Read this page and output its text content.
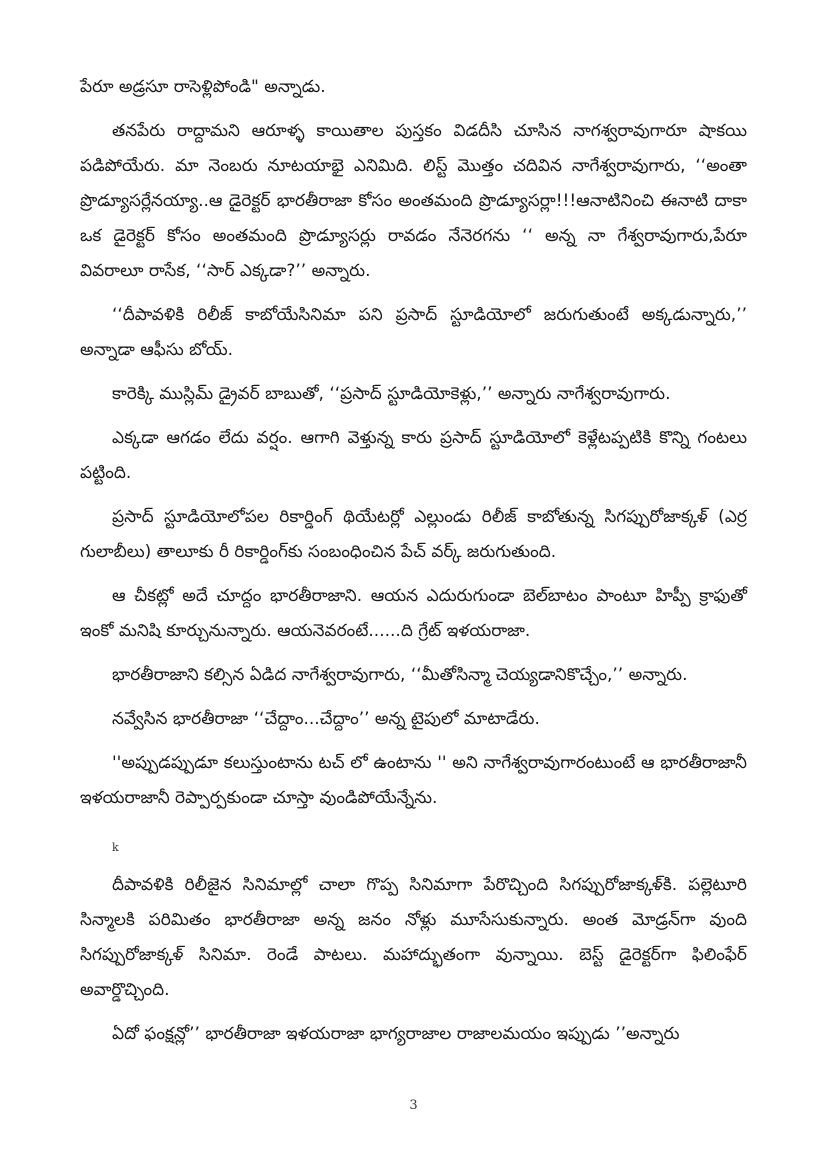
పేరూ అడ్రసూ రాసెళ్లిపోండి" అన్నాడు.

తనపేరు రాద్దామని ఆరూళ్ళ కాయితాల పుస్తకం విడదీసి చూసిన నాగశ్వరావుగారూ షాకయి పడిపోయేరు. మా నెంబరు నూటయాభై ఎనిమిది. లిస్ట్ మొత్తం చదివిన నాగేశ్వరావుగారు, ‘‘అంతా ప్రొడ్యూసర్లేనయ్యా..ఆ డైరెక్టర్ భారతీరాజా కోసం అంతమంది ప్రొడ్యూసర్లా!!!ఆనాటినించి ఈనాటి దాకా ఒక డైరెక్టర్ కోసం అంతమంది ప్రొడ్యూసర్లు రావడం నేనెరగను ‘‘ అన్న నా గేశ్వరావుగారు,పేరూ వివరాలూ రాసేక, ‘‘సార్ ఎక్కడా?’’ అన్నారు.

‘‘దీపావళికి రిలీజ్ కాబోయేసినిమా పని ప్రసాద్ స్టూడియోలో జరుగుతుంటే అక్కడున్నారు,’’ అన్నాడా ఆఫీసు బోయ్.

కారెక్కి ముస్లిమ్ డ్రైవర్ బాబుతో, ‘‘ప్రసాద్ స్టూడియోకెళ్లు,’’ అన్నారు నాగేశ్వరావుగారు.

ఎక్కడా ఆగడం లేదు వర్షం. ఆగాగి వెళ్తున్న కారు ప్రసాద్ స్టూడియోలో కెళ్లేటప్పటికి కొన్ని గంటలు పట్టింది.

ప్రసాద్ స్టూడియోలోపల రికార్డింగ్ థియేటర్లో ఎల్లుండు రిలీజ్ కాబోతున్న సిగప్పురోజాక్కళ్ (ఎర్ర గులాబీలు) తాలూకు రీ రికార్డింగ్‌కు సంబంధించిన పేచ్ వర్క్ జరుగుతుంది.

ఆ చీకట్లో అదే చూద్దం భారతీరాజాని. ఆయన ఎదురుగుండా బెల్‌బాటం పాంటూ హిప్పీ క్రాఫుతో ఇంకో మనిషి కూర్చునున్నారు. ఆయనెవరంటే......ది గ్రేట్ ఇళయరాజా.

భారతీరాజాని కల్సిన ఏడిద నాగేశ్వరావుగారు, ‘‘మీతోసిన్మా చెయ్యడానికొచ్చేం,’’ అన్నారు.

నవ్వేసిన భారతీరాజా ‘‘చేద్దాం...చేద్దాం’’ అన్న టైపులో మాటాడేరు.

''అప్పుడప్పుడూ కలుస్తుంటాను టచ్ లో ఉంటాను '' అని నాగేశ్వరావుగారంటుంటే ఆ భారతీరాజానీ ఇళయరాజానీ రెప్పార్పకుండా చూస్తా వుండిపోయేన్నేను.

k

దీపావళికి రిలీజైన సినిమాల్లో చాలా గొప్ప సినిమాగా పేరొచ్చింది సిగప్పురోజాక్కళ్‌కి. పల్లెటూరి సిన్మాలకి పరిమితం భారతీరాజా అన్న జనం నోళ్లు మూసేసుకున్నారు. అంత మోడ్రన్‌గా వుంది సిగప్పురోజాక్కళ్ సినిమా. రెండే పాటలు. మహాద్భుతంగా వున్నాయి. బెస్ట్ డైరెక్టర్‌గా ఫిలింఫేర్ అవార్డొచ్చింది.

ఏదో ఫంక్షన్లో’’ భారతీరాజా ఇళయరాజా భాగ్యరాజాల రాజాలమయం ఇప్పుడు ’’అన్నారు

3
